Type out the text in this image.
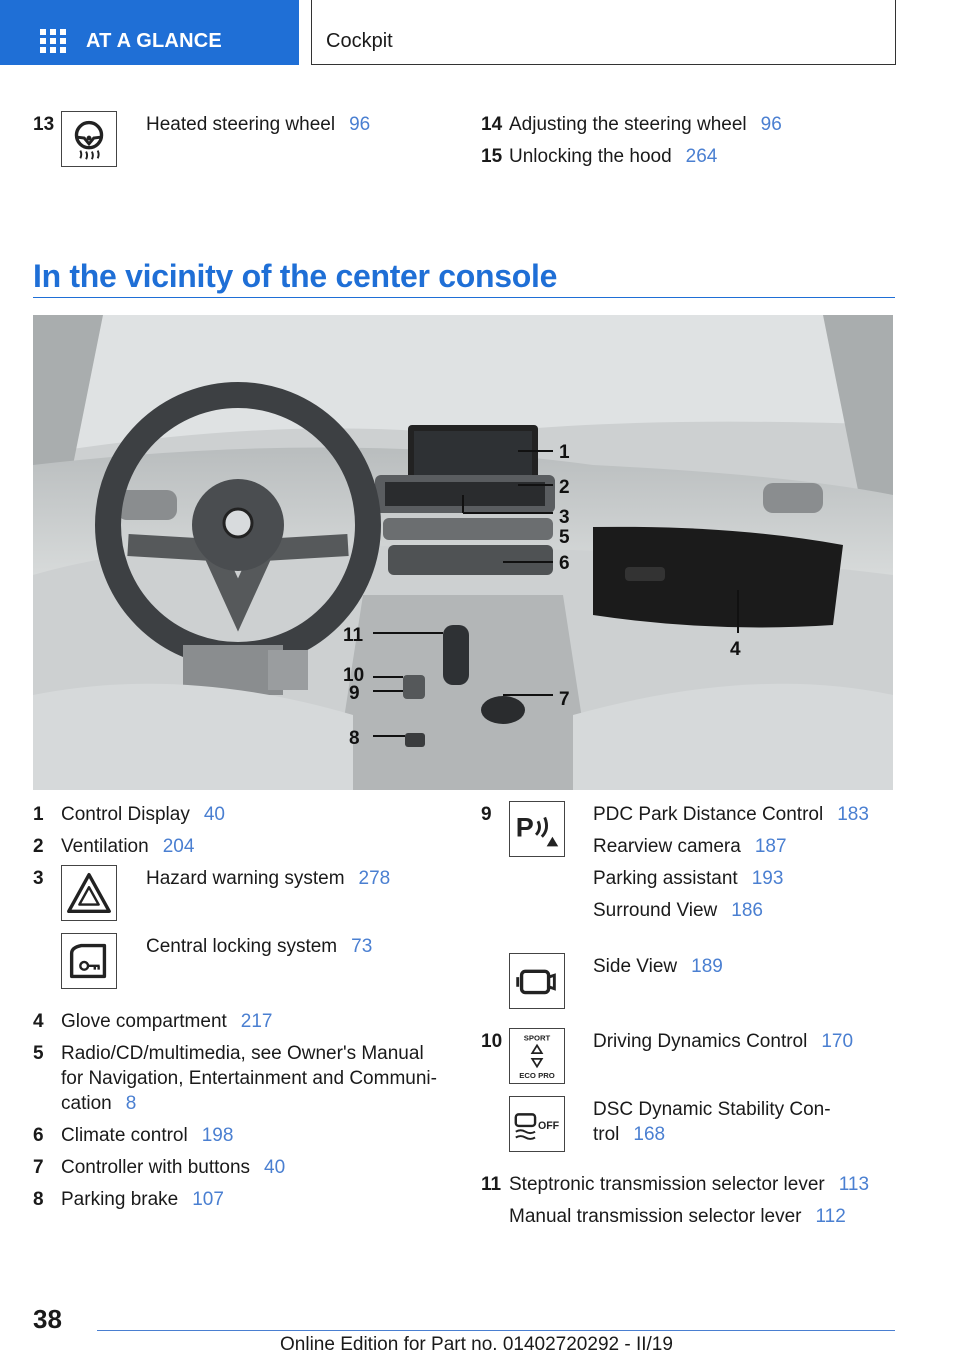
AT A GLANCE	Cockpit
13	Heated steering wheel 96	14 Adjusting the steering wheel 96
15 Unlocking the hood 264
In the vicinity of the center console
1
2
3
5
6
11
10
9
8
7
4
1 Control Display 40
2 Ventilation 204
3	Hazard warning system 278
Central locking system 73
4 Glove compartment 217
5 Radio/CD/multimedia, see Owner's Manual
for Navigation, Entertainment and Communi-
cation 8
6 Climate control 198
7 Controller with buttons 40
8 Parking brake 107
9 P	PDC Park Distance Control 183
Rearview camera 187
Parking assistant 193
Surround View 186
Side View 189
10	SPORT
ECO PRO
Driving Dynamics Control 170
OFF
DSC Dynamic Stability Con-
trol 168
11 Steptronic transmission selector lever 113
Manual transmission selector lever 112
38
Online Edition for Part no. 01402720292 - II/19
